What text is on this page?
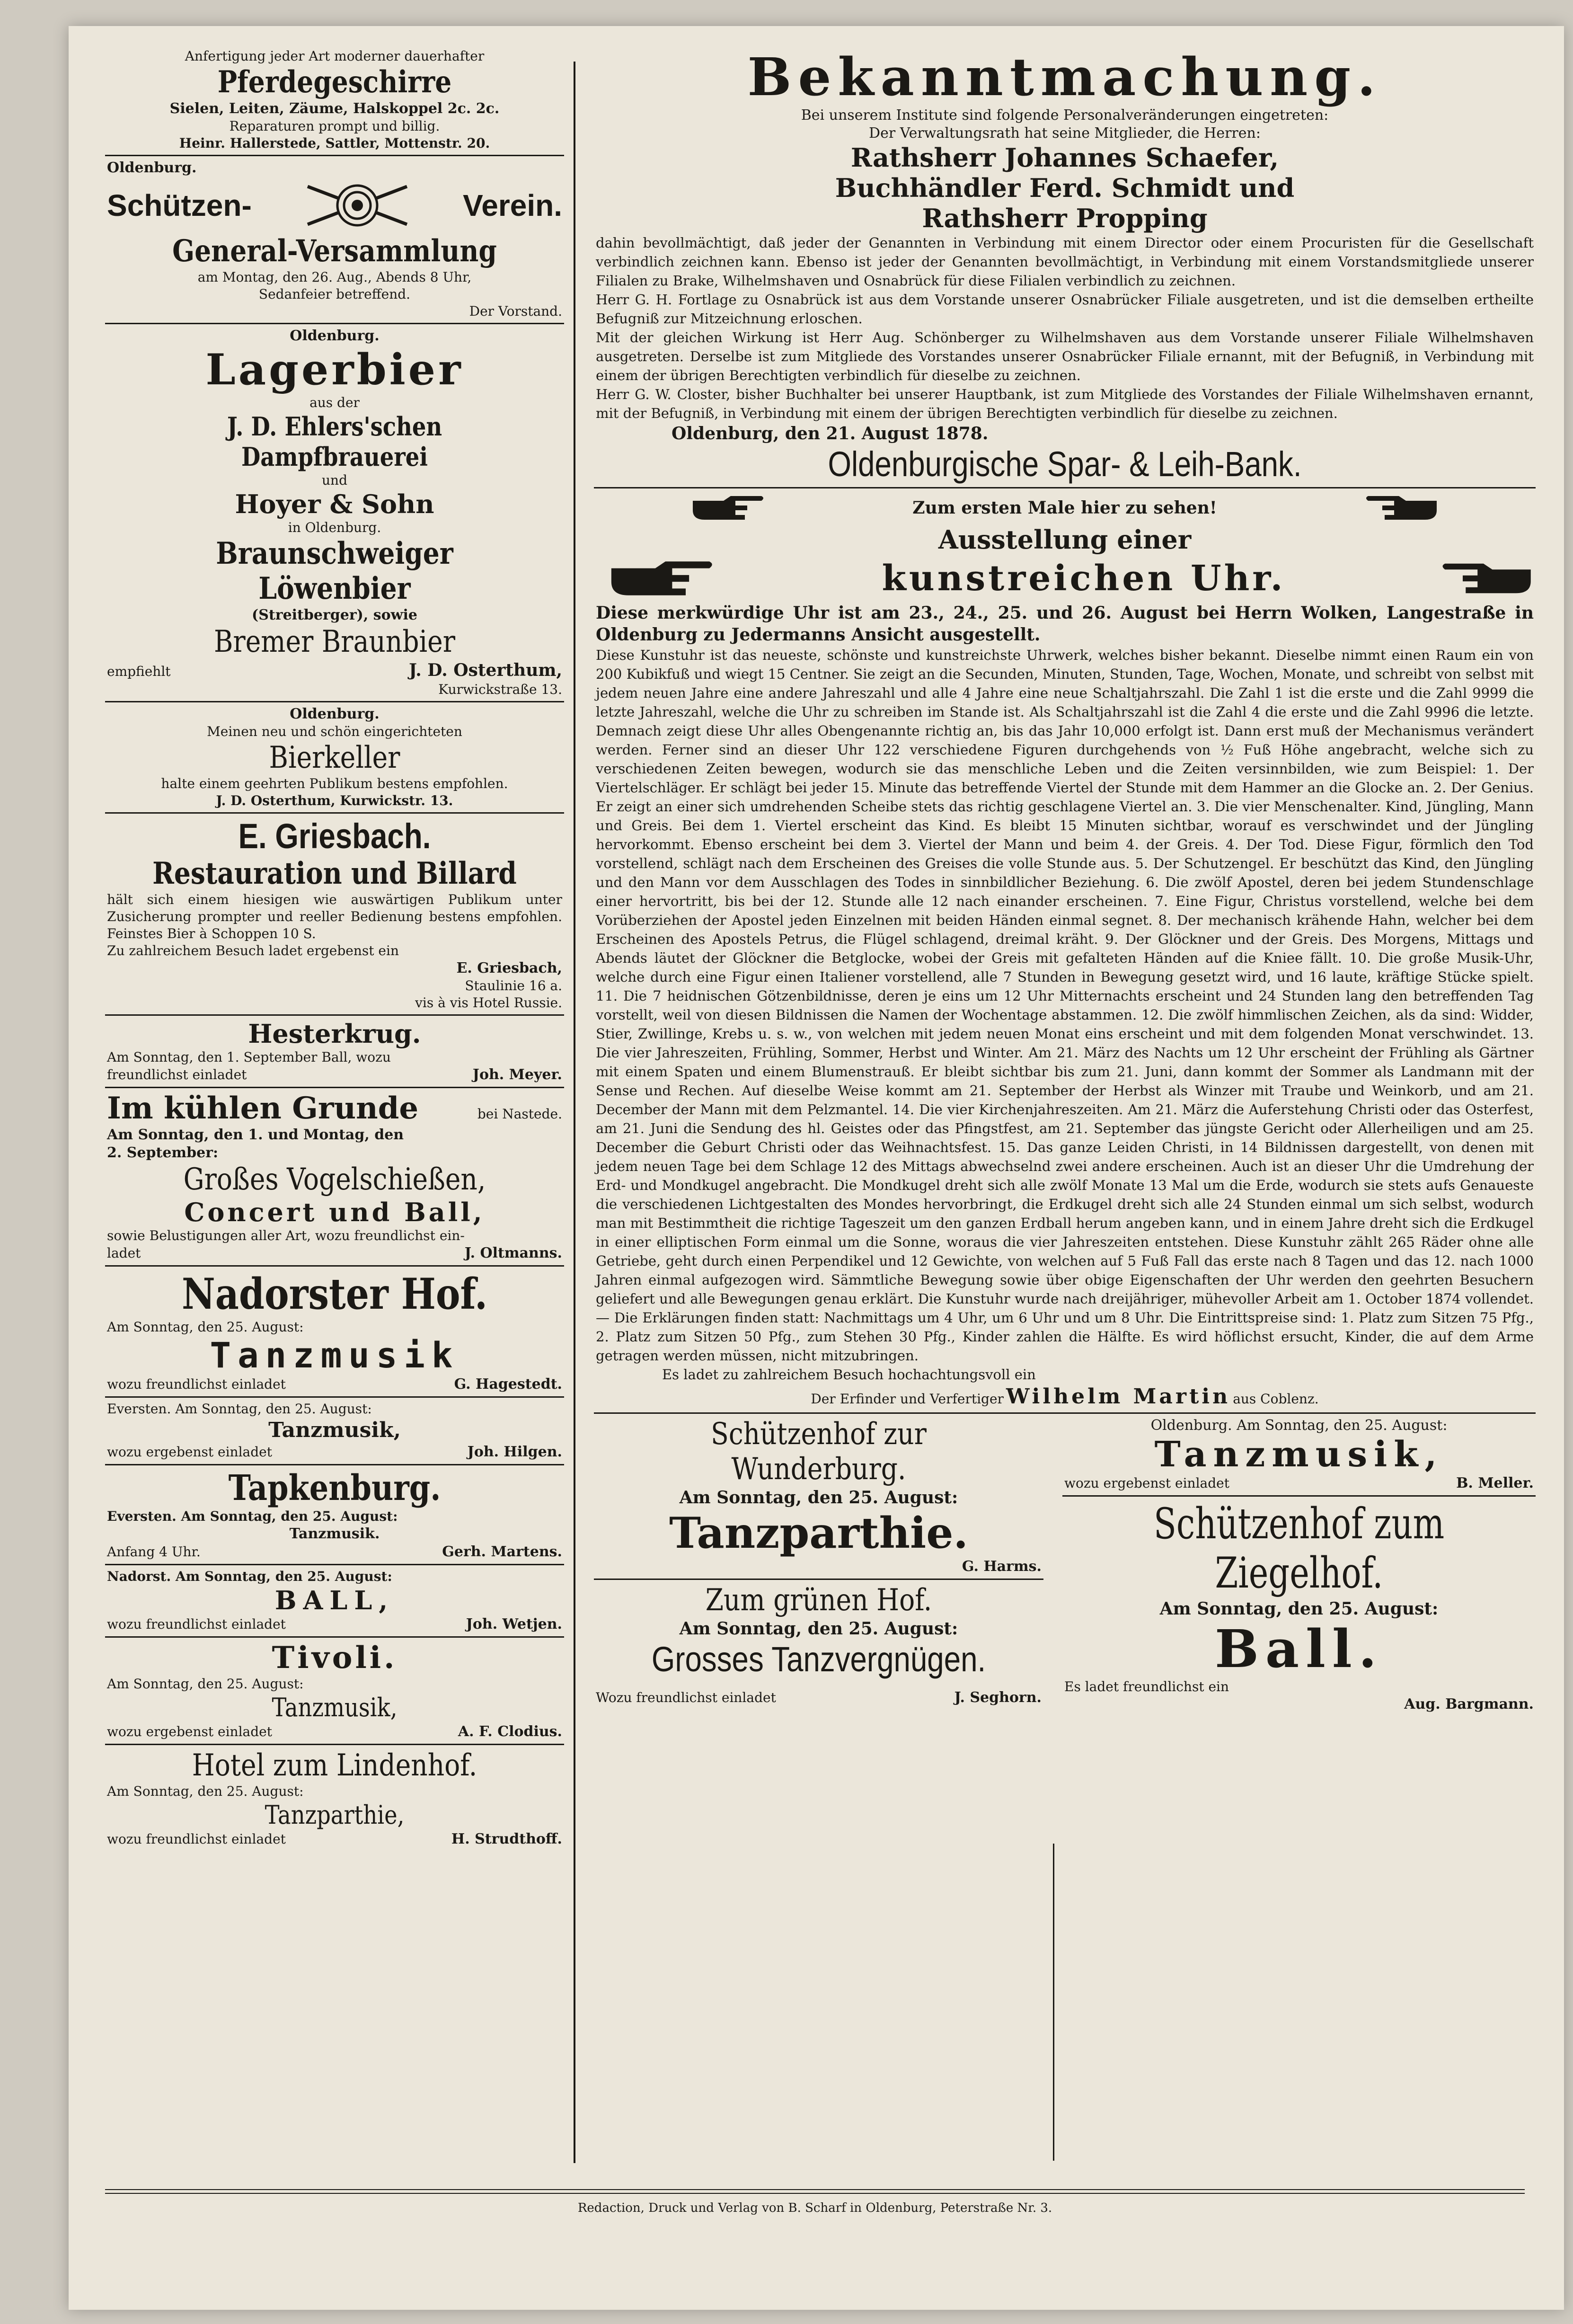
Anfertigung jeder Art moderner dauerhafter

Pferdegeschirre

Sielen, Leiten, Zäume, Halskoppel 2c. 2c.

Reparaturen prompt und billig.

Heinr. Hallerstede, Sattler, Mottenstr. 20.

Oldenburg.

Schützen-	Verein.

General-Versammlung

am Montag, den 26. Aug., Abends 8 Uhr,

Sedanfeier betreffend.

Der Vorstand.

Oldenburg.

Lagerbier

aus der

J. D. Ehlers'schen Dampfbrauerei

und

Hoyer & Sohn

in Oldenburg.

Braunschweiger Löwenbier

(Streitberger), sowie

Bremer Braunbier

empfiehlt	J. D. Osterthum,

Kurwickstraße 13.

Oldenburg.

Meinen neu und schön eingerichteten

Bierkeller

halte einem geehrten Publikum bestens empfohlen.

J. D. Osterthum, Kurwickstr. 13.

E. Griesbach.

Restauration und Billard

hält sich einem hiesigen wie auswärtigen Publikum unter Zusicherung prompter und reeller Bedienung bestens empfohlen. Feinstes Bier à Schoppen 10 S.

Zu zahlreichem Besuch ladet ergebenst ein

E. Griesbach,

Staulinie 16 a.

vis à vis Hotel Russie.

Hesterkrug.

Am Sonntag, den 1. September Ball, wozu

freundlichst einladet	Joh. Meyer.
Im kühlen Grunde	bei Nastede.

Am Sonntag, den 1. und Montag, den

2. September:

Großes Vogelschießen,

Concert und Ball,

sowie Belustigungen aller Art, wozu freundlichst ein-

ladet	J. Oltmanns.

Nadorster Hof.

Am Sonntag, den 25. August:

Tanzmusik

wozu freundlichst einladet	G. Hagestedt.

Eversten. Am Sonntag, den 25. August:

Tanzmusik,

wozu ergebenst einladet	Joh. Hilgen.

Tapkenburg.

Eversten. Am Sonntag, den 25. August:

Tanzmusik.

Anfang 4 Uhr.	Gerh. Martens.

Nadorst. Am Sonntag, den 25. August:

BALL,

wozu freundlichst einladet	Joh. Wetjen.

Tivoli.

Am Sonntag, den 25. August:

Tanzmusik,

wozu ergebenst einladet	A. F. Clodius.

Hotel zum Lindenhof.

Am Sonntag, den 25. August:

Tanzparthie,

wozu freundlichst einladet	H. Strudthoff.

Bekanntmachung.

Bei unserem Institute sind folgende Personalveränderungen eingetreten:

Der Verwaltungsrath hat seine Mitglieder, die Herren:

Rathsherr Johannes Schaefer,

Buchhändler Ferd. Schmidt und

Rathsherr Propping

dahin bevollmächtigt, daß jeder der Genannten in Verbindung mit einem Director oder einem Procuristen für die Gesellschaft verbindlich zeichnen kann. Ebenso ist jeder der Genannten bevollmächtigt, in Verbindung mit einem Vorstandsmitgliede unserer Filialen zu Brake, Wilhelmshaven und Osnabrück für diese Filialen verbindlich zu zeichnen.

Herr G. H. Fortlage zu Osnabrück ist aus dem Vorstande unserer Osnabrücker Filiale ausgetreten, und ist die demselben ertheilte Befugniß zur Mitzeichnung erloschen.

Mit der gleichen Wirkung ist Herr Aug. Schönberger zu Wilhelmshaven aus dem Vorstande unserer Filiale Wilhelmshaven ausgetreten. Derselbe ist zum Mitgliede des Vorstandes unserer Osnabrücker Filiale ernannt, mit der Befugniß, in Verbindung mit einem der übrigen Berechtigten verbindlich für dieselbe zu zeichnen.

Herr G. W. Closter, bisher Buchhalter bei unserer Hauptbank, ist zum Mitgliede des Vorstandes der Filiale Wilhelmshaven ernannt, mit der Befugniß, in Verbindung mit einem der übrigen Berechtigten verbindlich für dieselbe zu zeichnen.

Oldenburg, den 21. August 1878.

Oldenburgische Spar- & Leih-Bank.

Zum ersten Male hier zu sehen!

Ausstellung einer

kunstreichen Uhr.

Diese merkwürdige Uhr ist am 23., 24., 25. und 26. August bei Herrn Wolken, Langestraße in Oldenburg zu Jedermanns Ansicht ausgestellt.

Diese Kunstuhr ist das neueste, schönste und kunstreichste Uhrwerk, welches bisher bekannt. Dieselbe nimmt einen Raum ein von 200 Kubikfuß und wiegt 15 Centner. Sie zeigt an die Secunden, Minuten, Stunden, Tage, Wochen, Monate, und schreibt von selbst mit jedem neuen Jahre eine andere Jahreszahl und alle 4 Jahre eine neue Schaltjahrszahl. Die Zahl 1 ist die erste und die Zahl 9999 die letzte Jahreszahl, welche die Uhr zu schreiben im Stande ist. Als Schaltjahrszahl ist die Zahl 4 die erste und die Zahl 9996 die letzte. Demnach zeigt diese Uhr alles Obengenannte richtig an, bis das Jahr 10,000 erfolgt ist. Dann erst muß der Mechanismus verändert werden. Ferner sind an dieser Uhr 122 verschiedene Figuren durchgehends von ½ Fuß Höhe angebracht, welche sich zu verschiedenen Zeiten bewegen, wodurch sie das menschliche Leben und die Zeiten versinnbilden, wie zum Beispiel: 1. Der Viertelschläger. Er schlägt bei jeder 15. Minute das betreffende Viertel der Stunde mit dem Hammer an die Glocke an. 2. Der Genius. Er zeigt an einer sich umdrehenden Scheibe stets das richtig geschlagene Viertel an. 3. Die vier Menschenalter. Kind, Jüngling, Mann und Greis. Bei dem 1. Viertel erscheint das Kind. Es bleibt 15 Minuten sichtbar, worauf es verschwindet und der Jüngling hervorkommt. Ebenso erscheint bei dem 3. Viertel der Mann und beim 4. der Greis. 4. Der Tod. Diese Figur, förmlich den Tod vorstellend, schlägt nach dem Erscheinen des Greises die volle Stunde aus. 5. Der Schutzengel. Er beschützt das Kind, den Jüngling und den Mann vor dem Ausschlagen des Todes in sinnbildlicher Beziehung. 6. Die zwölf Apostel, deren bei jedem Stundenschlage einer hervortritt, bis bei der 12. Stunde alle 12 nach einander erscheinen. 7. Eine Figur, Christus vorstellend, welche bei dem Vorüberziehen der Apostel jeden Einzelnen mit beiden Händen einmal segnet. 8. Der mechanisch krähende Hahn, welcher bei dem Erscheinen des Apostels Petrus, die Flügel schlagend, dreimal kräht. 9. Der Glöckner und der Greis. Des Morgens, Mittags und Abends läutet der Glöckner die Betglocke, wobei der Greis mit gefalteten Händen auf die Kniee fällt. 10. Die große Musik-Uhr, welche durch eine Figur einen Italiener vorstellend, alle 7 Stunden in Bewegung gesetzt wird, und 16 laute, kräftige Stücke spielt. 11. Die 7 heidnischen Götzenbildnisse, deren je eins um 12 Uhr Mitternachts erscheint und 24 Stunden lang den betreffenden Tag vorstellt, weil von diesen Bildnissen die Namen der Wochentage abstammen. 12. Die zwölf himmlischen Zeichen, als da sind: Widder, Stier, Zwillinge, Krebs u. s. w., von welchen mit jedem neuen Monat eins erscheint und mit dem folgenden Monat verschwindet. 13. Die vier Jahreszeiten, Frühling, Sommer, Herbst und Winter. Am 21. März des Nachts um 12 Uhr erscheint der Frühling als Gärtner mit einem Spaten und einem Blumenstrauß. Er bleibt sichtbar bis zum 21. Juni, dann kommt der Sommer als Landmann mit der Sense und Rechen. Auf dieselbe Weise kommt am 21. September der Herbst als Winzer mit Traube und Weinkorb, und am 21. December der Mann mit dem Pelzmantel. 14. Die vier Kirchenjahreszeiten. Am 21. März die Auferstehung Christi oder das Osterfest, am 21. Juni die Sendung des hl. Geistes oder das Pfingstfest, am 21. September das jüngste Gericht oder Allerheiligen und am 25. December die Geburt Christi oder das Weihnachtsfest. 15. Das ganze Leiden Christi, in 14 Bildnissen dargestellt, von denen mit jedem neuen Tage bei dem Schlage 12 des Mittags abwechselnd zwei andere erscheinen. Auch ist an dieser Uhr die Umdrehung der Erd- und Mondkugel angebracht. Die Mondkugel dreht sich alle zwölf Monate 13 Mal um die Erde, wodurch sie stets aufs Genaueste die verschiedenen Lichtgestalten des Mondes hervorbringt, die Erdkugel dreht sich alle 24 Stunden einmal um sich selbst, wodurch man mit Bestimmtheit die richtige Tageszeit um den ganzen Erdball herum angeben kann, und in einem Jahre dreht sich die Erdkugel in einer elliptischen Form einmal um die Sonne, woraus die vier Jahreszeiten entstehen. Diese Kunstuhr zählt 265 Räder ohne alle Getriebe, geht durch einen Perpendikel und 12 Gewichte, von welchen auf 5 Fuß Fall das erste nach 8 Tagen und das 12. nach 1000 Jahren einmal aufgezogen wird. Sämmtliche Bewegung sowie über obige Eigenschaften der Uhr werden den geehrten Besuchern geliefert und alle Bewegungen genau erklärt. Die Kunstuhr wurde nach dreijähriger, mühevoller Arbeit am 1. October 1874 vollendet. — Die Erklärungen finden statt: Nachmittags um 4 Uhr, um 6 Uhr und um 8 Uhr. Die Eintrittspreise sind: 1. Platz zum Sitzen 75 Pfg., 2. Platz zum Sitzen 50 Pfg., zum Stehen 30 Pfg., Kinder zahlen die Hälfte. Es wird höflichst ersucht, Kinder, die auf dem Arme getragen werden müssen, nicht mitzubringen.

Es ladet zu zahlreichem Besuch hochachtungsvoll ein

Der Erfinder und Verfertiger Wilhelm Martin aus Coblenz.

Schützenhof zur Wunderburg.

Am Sonntag, den 25. August:

Tanzparthie.

G. Harms.

Zum grünen Hof.

Am Sonntag, den 25. August:

Grosses Tanzvergnügen.

Wozu freundlichst einladet	J. Seghorn.

Oldenburg. Am Sonntag, den 25. August:

Tanzmusik,

wozu ergebenst einladet	B. Meller.

Schützenhof zum Ziegelhof.

Am Sonntag, den 25. August:

Ball.

Es ladet freundlichst ein

Aug. Bargmann.

Redaction, Druck und Verlag von B. Scharf in Oldenburg, Peterstraße Nr. 3.
